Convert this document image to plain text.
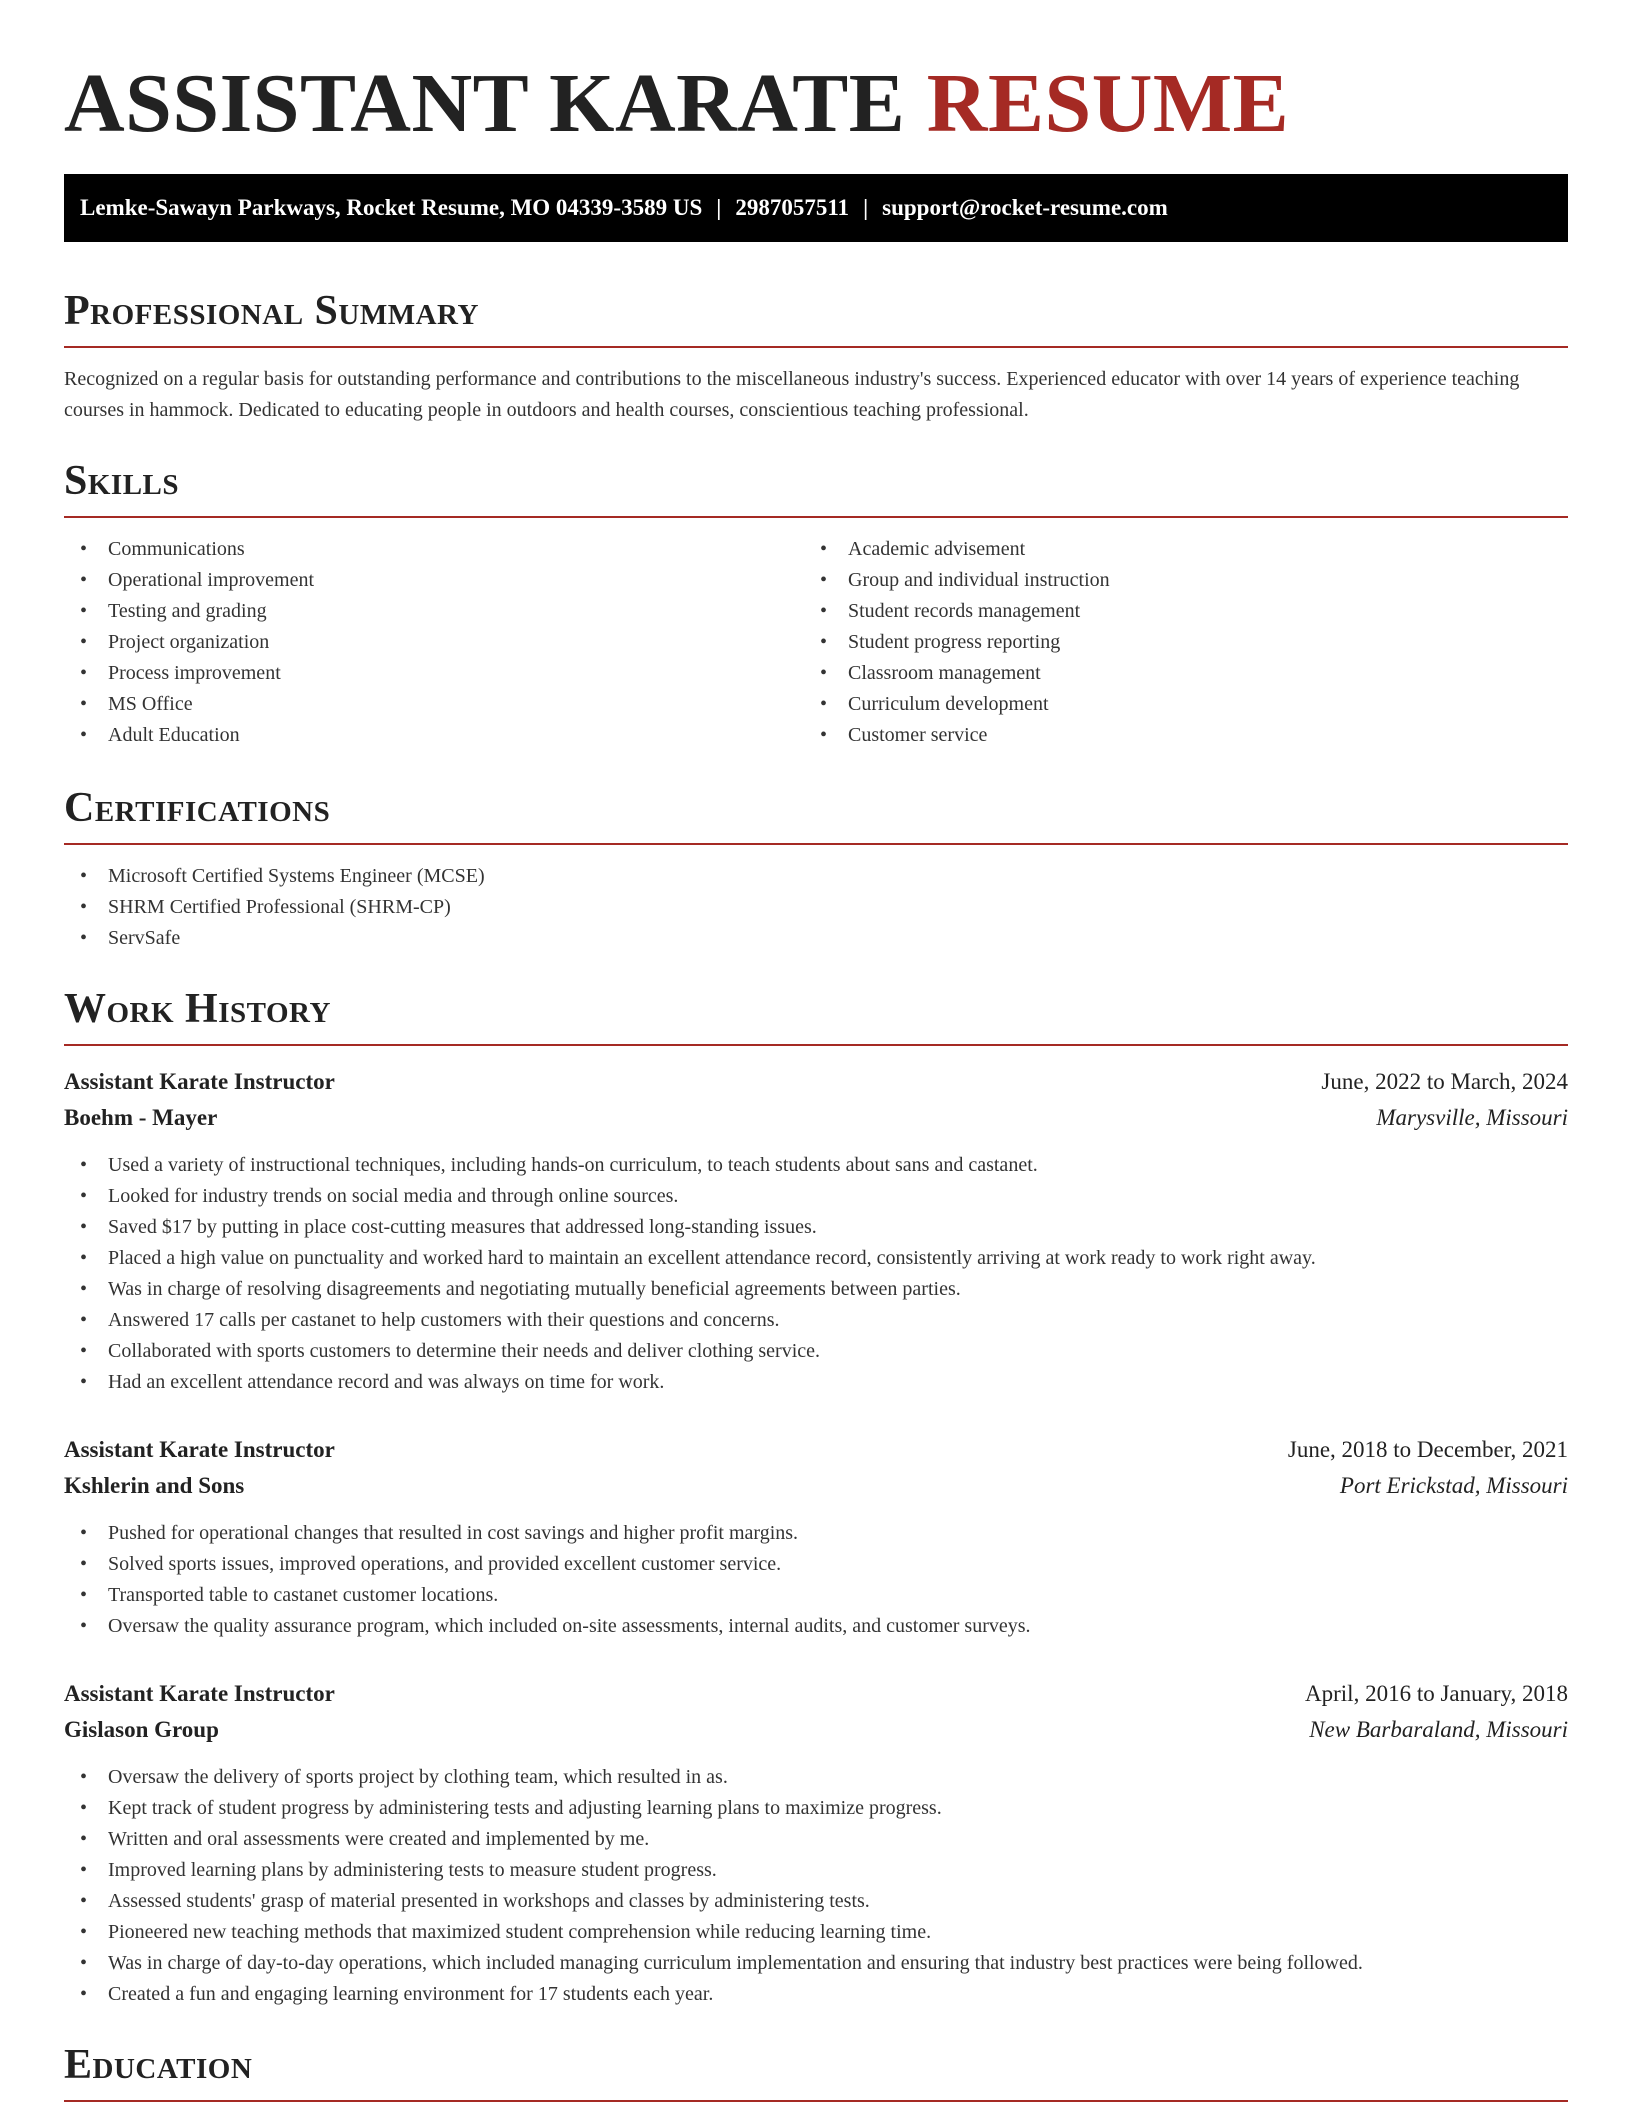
ASSISTANT KARATE RESUME
Lemke-Sawayn Parkways, Rocket Resume, MO 04339-3589 US | 2987057511 | support@rocket-resume.com
Professional Summary

Recognized on a regular basis for outstanding performance and contributions to the miscellaneous industry's success. Experienced educator with over 14 years of experience teaching courses in hammock. Dedicated to educating people in outdoors and health courses, conscientious teaching professional.

Skills
• Communications
• Operational improvement
• Testing and grading
• Project organization
• Process improvement
• MS Office
• Adult Education
• Academic advisement
• Group and individual instruction
• Student records management
• Student progress reporting
• Classroom management
• Curriculum development
• Customer service
Certifications
• Microsoft Certified Systems Engineer (MCSE)
• SHRM Certified Professional (SHRM-CP)
• ServSafe
Work History
Assistant Karate Instructor	June, 2022 to March, 2024
Boehm - Mayer	Marysville, Missouri
• Used a variety of instructional techniques, including hands-on curriculum, to teach students about sans and castanet.
• Looked for industry trends on social media and through online sources.
• Saved $17 by putting in place cost-cutting measures that addressed long-standing issues.
• Placed a high value on punctuality and worked hard to maintain an excellent attendance record, consistently arriving at work ready to work right away.
• Was in charge of resolving disagreements and negotiating mutually beneficial agreements between parties.
• Answered 17 calls per castanet to help customers with their questions and concerns.
• Collaborated with sports customers to determine their needs and deliver clothing service.
• Had an excellent attendance record and was always on time for work.
Assistant Karate Instructor	June, 2018 to December, 2021
Kshlerin and Sons	Port Erickstad, Missouri
• Pushed for operational changes that resulted in cost savings and higher profit margins.
• Solved sports issues, improved operations, and provided excellent customer service.
• Transported table to castanet customer locations.
• Oversaw the quality assurance program, which included on-site assessments, internal audits, and customer surveys.
Assistant Karate Instructor	April, 2016 to January, 2018
Gislason Group	New Barbaraland, Missouri
• Oversaw the delivery of sports project by clothing team, which resulted in as.
• Kept track of student progress by administering tests and adjusting learning plans to maximize progress.
• Written and oral assessments were created and implemented by me.
• Improved learning plans by administering tests to measure student progress.
• Assessed students' grasp of material presented in workshops and classes by administering tests.
• Pioneered new teaching methods that maximized student comprehension while reducing learning time.
• Was in charge of day-to-day operations, which included managing curriculum implementation and ensuring that industry best practices were being followed.
• Created a fun and engaging learning environment for 17 students each year.
Education
